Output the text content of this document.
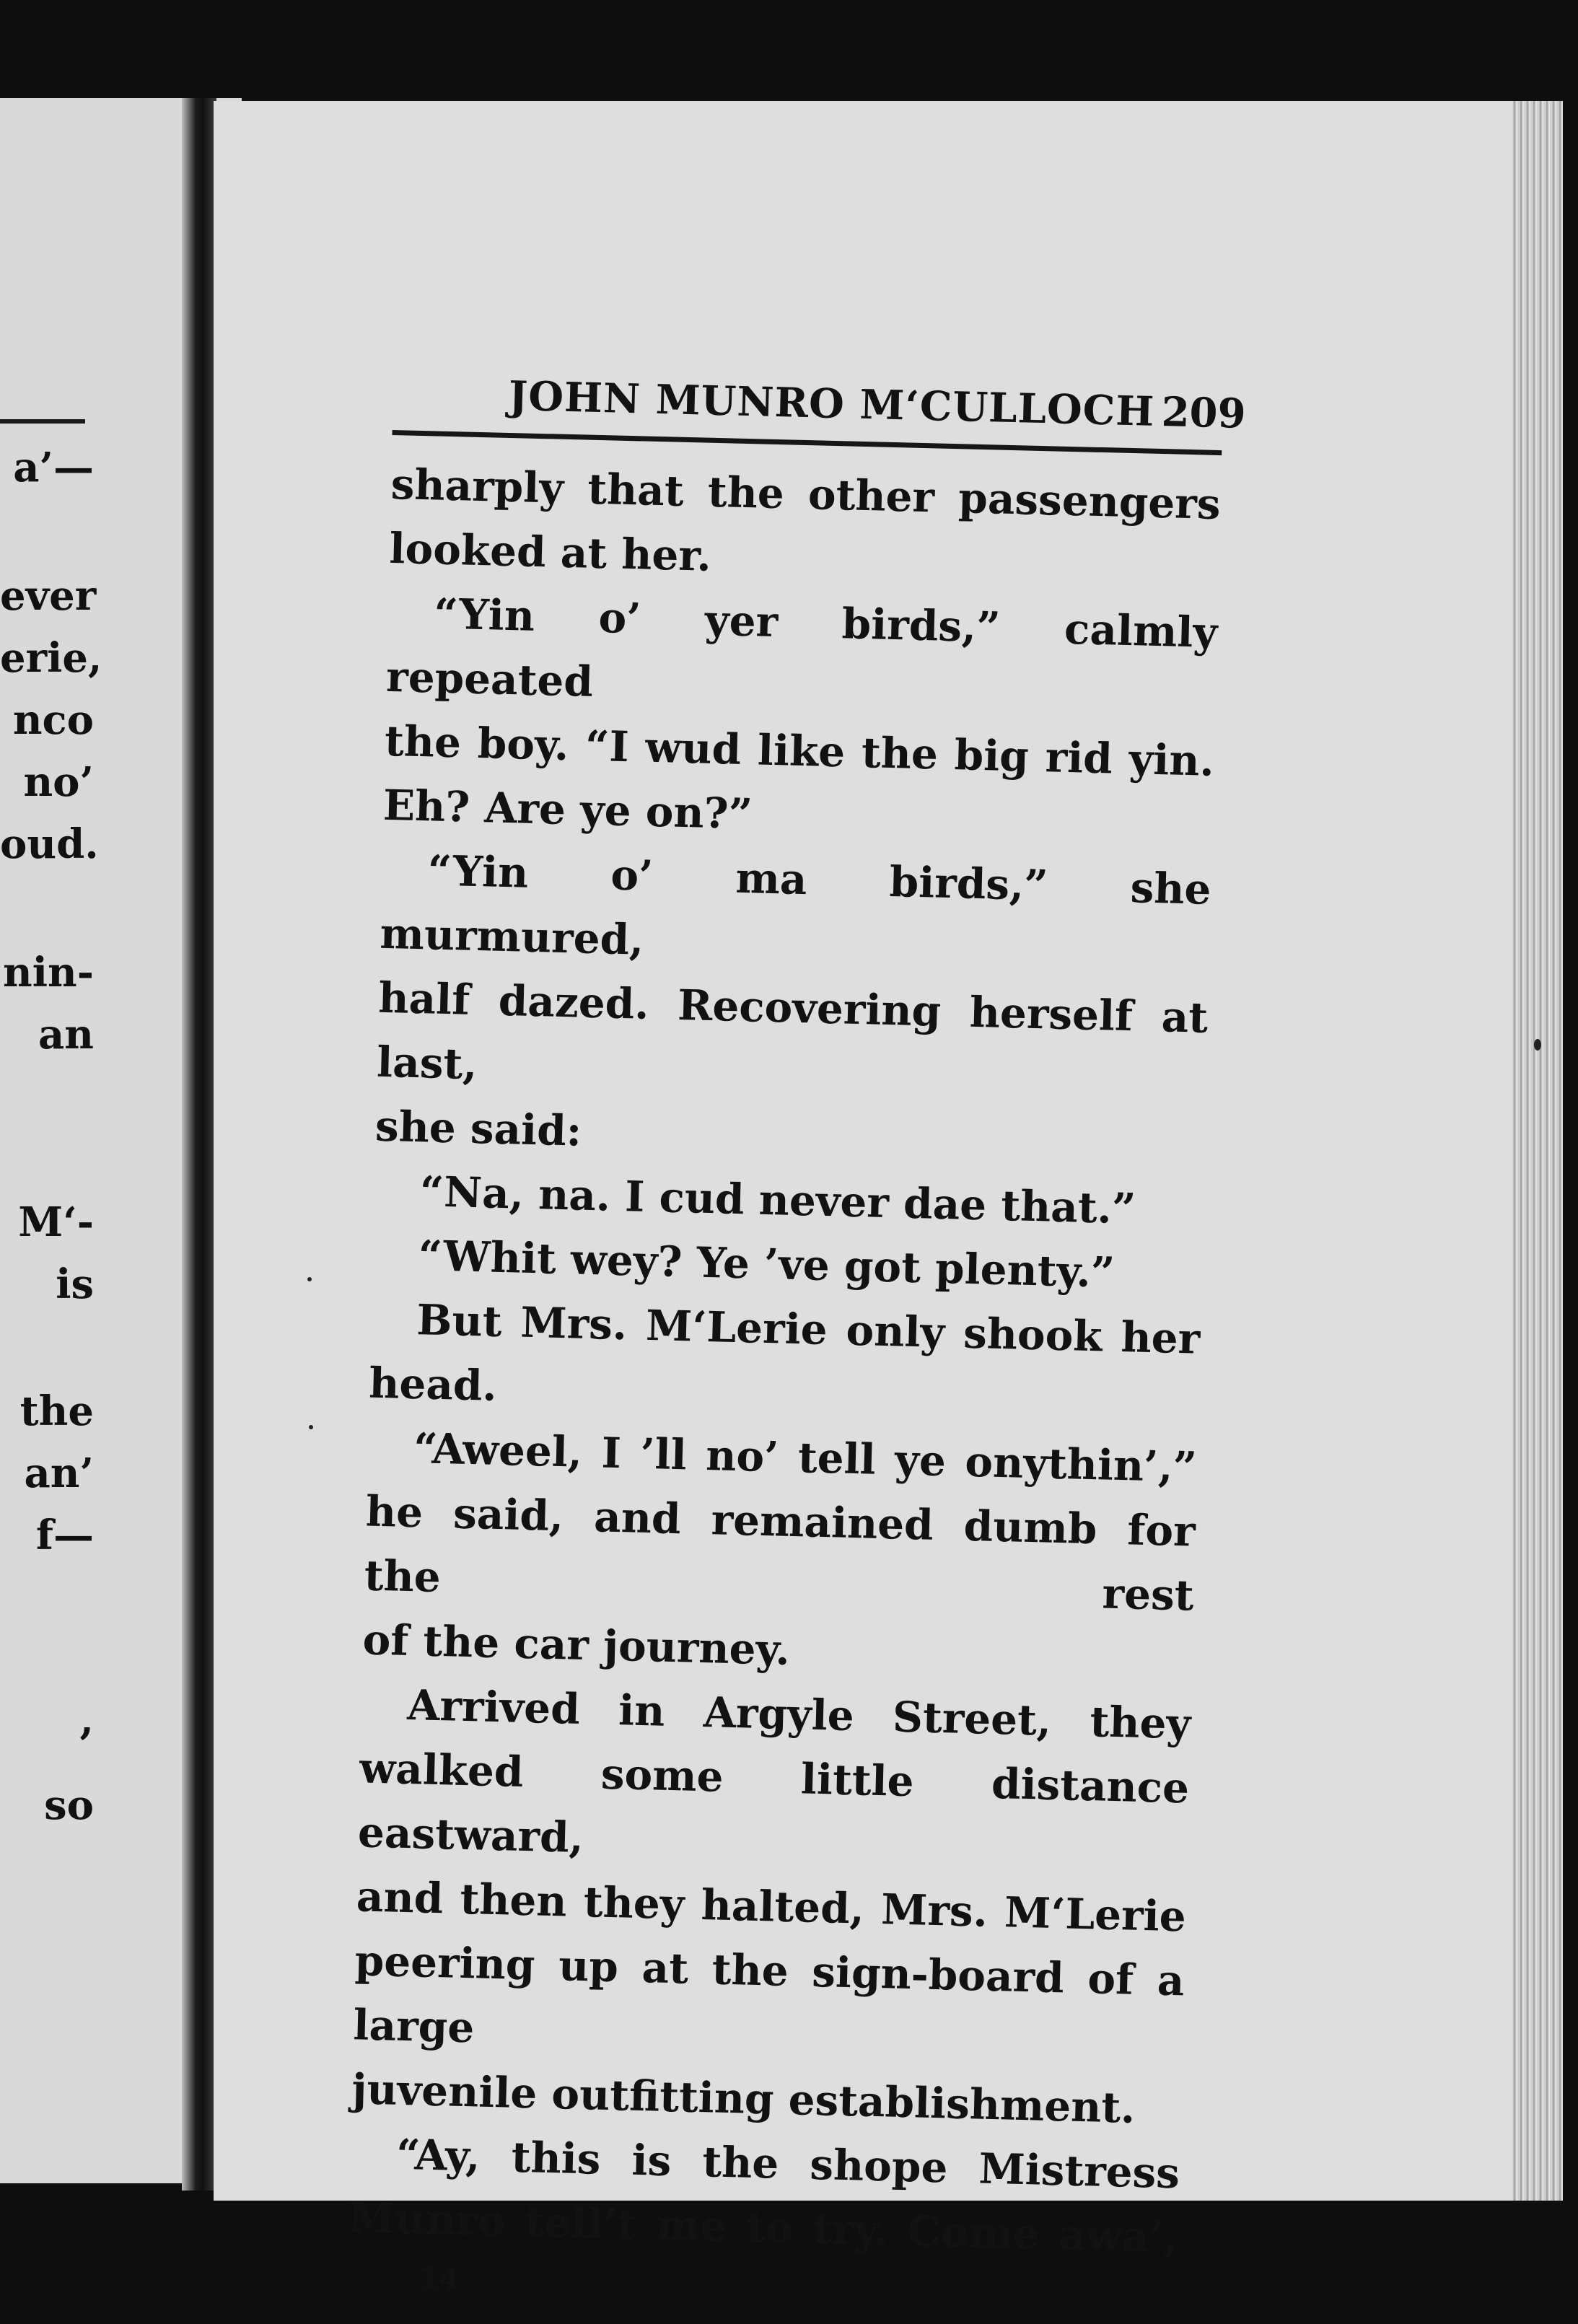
a’—
ever
erie,
nco
no’
oud.
nin-
an
M‘-
is
the
an’
f—
,
so
JOHN MUNRO M‘CULLOCH 209

sharply that the other passengers
looked at her.

“Yin o’ yer birds,” calmly repeated
the boy. “I wud like the big rid yin.
Eh? Are ye on?”

“Yin o’ ma birds,” she murmured,
half dazed. Recovering herself at last,
she said:

“Na, na. I cud never dae that.”

“Whit wey? Ye ’ve got plenty.”

But Mrs. M‘Lerie only shook her
head.

“Aweel, I ’ll no’ tell ye onythin’,”
he said, and remained dumb for the rest
of the car journey.

Arrived in Argyle Street, they
walked some little distance eastward,
and then they halted, Mrs. M‘Lerie
peering up at the sign-board of a large
juvenile outfitting establishment.

“Ay, this is the shope Mistress
Munro tell’t me to try. Come awa’,

14
